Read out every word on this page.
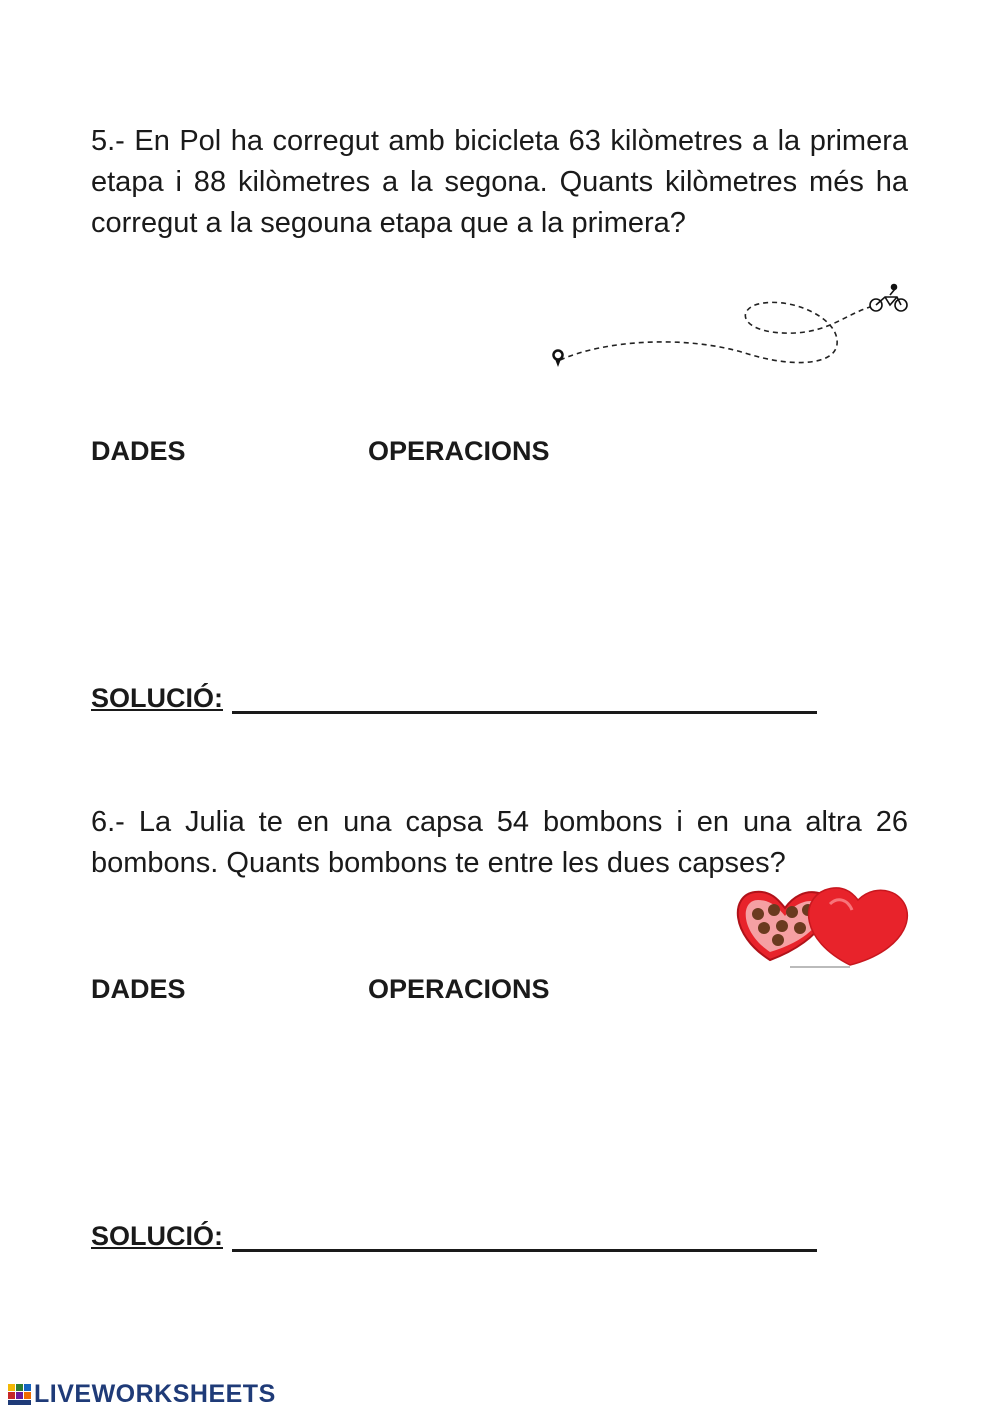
5.- En Pol ha corregut amb bicicleta 63 kilòmetres a la primera etapa i 88 kilòmetres a la segona. Quants kilòmetres més ha corregut a la segouna etapa que a la primera?

DADES	OPERACIONS

SOLUCIÓ:

6.- La Julia te en una capsa 54 bombons i en una altra 26 bombons. Quants bombons te entre les dues capses?

DADES	OPERACIONS

SOLUCIÓ:

LIVEWORKSHEETS
